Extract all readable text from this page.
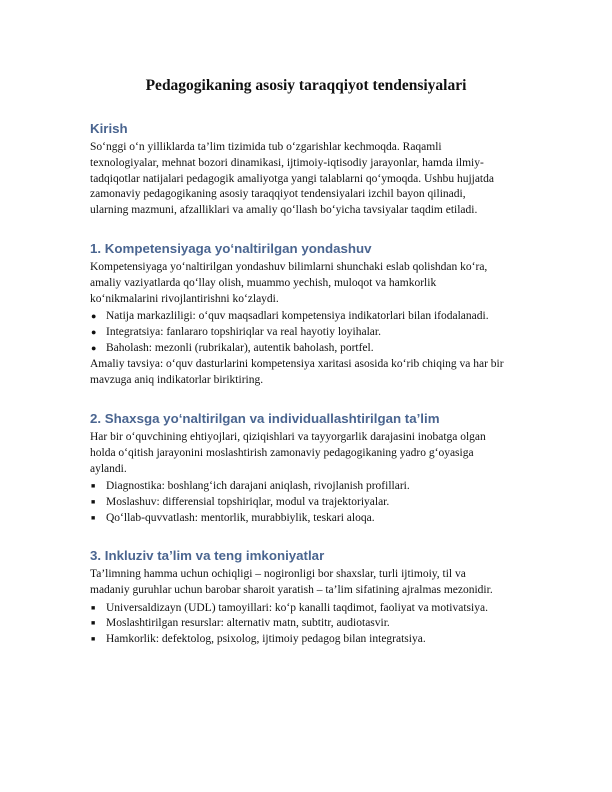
Pedagogikaning asosiy taraqqiyot tendensiyalari
Kirish

So‘nggi o‘n yilliklarda ta’lim tizimida tub o‘zgarishlar kechmoqda. Raqamli
texnologiyalar, mehnat bozori dinamikasi, ijtimoiy-iqtisodiy jarayonlar, hamda ilmiy-
tadqiqotlar natijalari pedagogik amaliyotga yangi talablarni qo‘ymoqda. Ushbu hujjatda
zamonaviy pedagogikaning asosiy taraqqiyot tendensiyalari izchil bayon qilinadi,
ularning mazmuni, afzalliklari va amaliy qo‘llash bo‘yicha tavsiyalar taqdim etiladi.

1. Kompetensiyaga yo‘naltirilgan yondashuv

Kompetensiyaga yo‘naltirilgan yondashuv bilimlarni shunchaki eslab qolishdan ko‘ra,
amaliy vaziyatlarda qo‘llay olish, muammo yechish, muloqot va hamkorlik
ko‘nikmalarini rivojlantirishni ko‘zlaydi.

● Natija markazliligi: o‘quv maqsadlari kompetensiya indikatorlari bilan ifodalanadi.
● Integratsiya: fanlararo topshiriqlar va real hayotiy loyihalar.
● Baholash: mezonli (rubrikalar), autentik baholash, portfel.

Amaliy tavsiya: o‘quv dasturlarini kompetensiya xaritasi asosida ko‘rib chiqing va har bir
mavzuga aniq indikatorlar biriktiring.

2. Shaxsga yo‘naltirilgan va individuallashtirilgan ta’lim

Har bir o‘quvchining ehtiyojlari, qiziqishlari va tayyorgarlik darajasini inobatga olgan
holda o‘qitish jarayonini moslashtirish zamonaviy pedagogikaning yadro g‘oyasiga
aylandi.

■ Diagnostika: boshlang‘ich darajani aniqlash, rivojlanish profillari.
■ Moslashuv: differensial topshiriqlar, modul va trajektoriyalar.
■ Qo‘llab-quvvatlash: mentorlik, murabbiylik, teskari aloqa.
3. Inkluziv ta’lim va teng imkoniyatlar

Ta’limning hamma uchun ochiqligi – nogironligi bor shaxslar, turli ijtimoiy, til va
madaniy guruhlar uchun barobar sharoit yaratish – ta’lim sifatining ajralmas mezonidir.

■ Universaldizayn (UDL) tamoyillari: ko‘p kanalli taqdimot, faoliyat va motivatsiya.
■ Moslashtirilgan resurslar: alternativ matn, subtitr, audiotasvir.
■ Hamkorlik: defektolog, psixolog, ijtimoiy pedagog bilan integratsiya.
